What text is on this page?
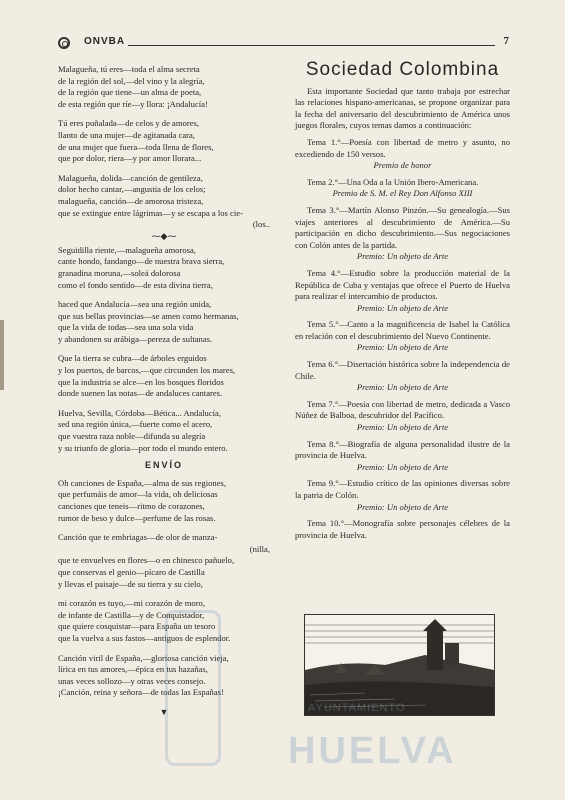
ONVBA	7

Malagueña, tú eres—toda el alma secreta

de la región del sol,—del vino y la alegría,

de la región que tiene—un alma de poeta,

de esta región que ríe—y llora: ¡Andalucía!

Tú eres puñalada—de celos y de amores,

llanto de una mujer—de agitanada cara,

de una mujer que fuera—toda llena de flores,

que por dolor, riera—y por amor llorara...

Malagueña, dolida—canción de gentileza,

dolor hecho cantar,—angustia de los celos;

malagueña, canción—de amorosa tristeza,

que se extingue entre lágrimas—y se escapa a los cie-

(los..

⁓◆⁓

Seguidilla riente,—malagueña amorosa,

cante hondo, fandango—de nuestra brava sierra,

granadina moruna,—soleá dolorosa

como el fondo sentido—de esta divina tierra,

haced que Andalucía—sea una región unida,

que sus bellas provincias—se amen como hermanas,

que la vida de todas—sea una sola vida

y abandonen su arábiga—pereza de sultanas.

Que la tierra se cubra—de árboles erguidos

y los puertos, de barcos,—que circunden los mares,

que la industria se alce—en los bosques floridos

donde suenen las notas—de andaluces cantares.

Huelva, Sevilla, Córdoba—Bética... Andalucía,

sed una región única,—fuerte como el acero,

que vuestra raza noble—difunda su alegría

y su triunfo de gloria—por todo el mundo entero.

ENVÍO

Oh canciones de España,—alma de sus regiones,

que perfumáis de amor—la vida, oh deliciosas

canciones que teneis—ritmo de corazones,

rumor de beso y dulce—perfume de las rosas.

Canción que te embriagas—de olor de manza-

(nilla,

que te envuelves en flores—o en chinesco pañuelo,

que conservas el genio—pícaro de Castilla

y llevas el paisaje—de su tierra y su cielo,

mi corazón es tuyo,—mi corazón de moro,

de infante de Castilla—y de Conquistador,

que quiere cosquistar—para España un tesoro

que la vuelva a sus fastos—antiguos de esplendor.

Canción viril de España,—gloriosa canción vieja,

lírica en tus amores,—épica en tus hazañas,

unas veces sollozo—y otras veces consejo.

¡Canción, reina y señora—de todas las Españas!

▼
Sociedad Colombina

Esta importante Sociedad que tanto trabaja por estrechar las relaciones hispano-americanas, se propone organizar para la fecha del aniversario del descubrimiento de América unos juegos florales, cuyos temas damos a continuación:

Tema 1.°—Poesía con libertad de metro y asunto, no excediendo de 150 versos.

Premio de honor

Tema 2.°—Una Oda a la Unión Ibero-Americana.

Premio de S. M. el Rey Don Alfonso XIII

Tema 3.°—Martín Alonso Pinzón.—Su genealogía.—Sus viajes anteriores al descubrimiento de América.—Su participación en dicho descubrimiento.—Sus negociaciones con Colón antes de la partida.

Premio: Un objeto de Arte

Tema 4.°—Estudio sobre la producción material de la República de Cuba y ventajas que ofrece el Puerto de Huelva para realizar el intercambio de productos.

Premio: Un objeto de Arte

Tema 5.°—Canto a la magnificencia de Isabel la Católica en relación con el descubrimiento del Nuevo Continente.

Premio: Un objeto de Arte

Tema 6.°—Disertación histórica sobre la independencia de Chile.

Premio: Un objeto de Arte

Tema 7.°—Poesía con libertad de metro, dedicada a Vasco Núñez de Balboa, descubridor del Pacífico.

Premio: Un objeto de Arte

Tema 8.°—Biografía de alguna personalidad ilustre de la provincia de Huelva.

Premio: Un objeto de Arte

Tema 9.°—Estudio crítico de las opiniones diversas sobre la patria de Colón.

Premio: Un objeto de Arte

Tema 10.°—Monografía sobre personajes célebres de la provincia de Huelva.

AYUNTAMIENTO
HUELVA
